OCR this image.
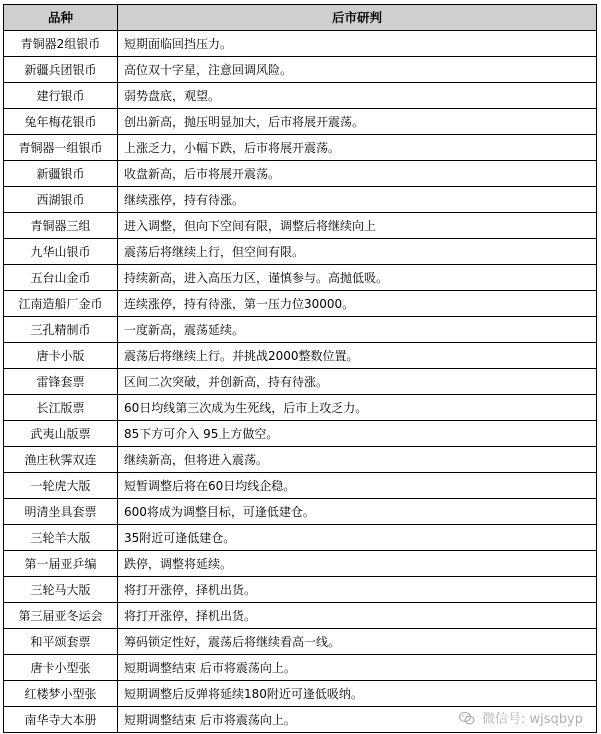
品种	后市研判
青铜器2组银币	短期面临回挡压力。
新疆兵团银币	高位双十字星，注意回调风险。
建行银币	弱势盘底，观望。
兔年梅花银币	创出新高，抛压明显加大，后市将展开震荡。
青铜器一组银币	上涨乏力，小幅下跌，后市将展开震荡。
新疆银币	收盘新高，后市将展开震荡。
西湖银币	继续涨停，持有待涨。
青铜器三组	进入调整，但向下空间有限，调整后将继续向上
九华山银币	震荡后将继续上行，但空间有限。
五台山金币	持续新高，进入高压力区，谨慎参与。高抛低吸。
江南造船厂金币	连续涨停，持有待涨，第一压力位30000。
三孔精制币	一度新高，震荡延续。
唐卡小版	震荡后将继续上行。并挑战2000整数位置。
雷锋套票	区间二次突破，并创新高，持有待涨。
长江版票	60日均线第三次成为生死线，后市上攻乏力。
武夷山版票	85下方可介入 95上方做空。
渔庄秋霁双连	继续新高，但将进入震荡。
一轮虎大版	短暂调整后将在60日均线企稳。
明清坐具套票	600将成为调整目标，可逢低建仓。
三轮羊大版	35附近可逢低建仓。
第一届亚乒编	跌停，调整将延续。
三轮马大版	将打开涨停，择机出货。
第三届亚冬运会	将打开涨停，择机出货。
和平颂套票	筹码锁定性好，震荡后将继续看高一线。
唐卡小型张	短期调整结束 后市将震荡向上。
红楼梦小型张	短期调整后反弹将延续180附近可逢低吸纳。
南华寺大本册	短期调整结束 后市将震荡向上。	微信号: wjsqbyp
